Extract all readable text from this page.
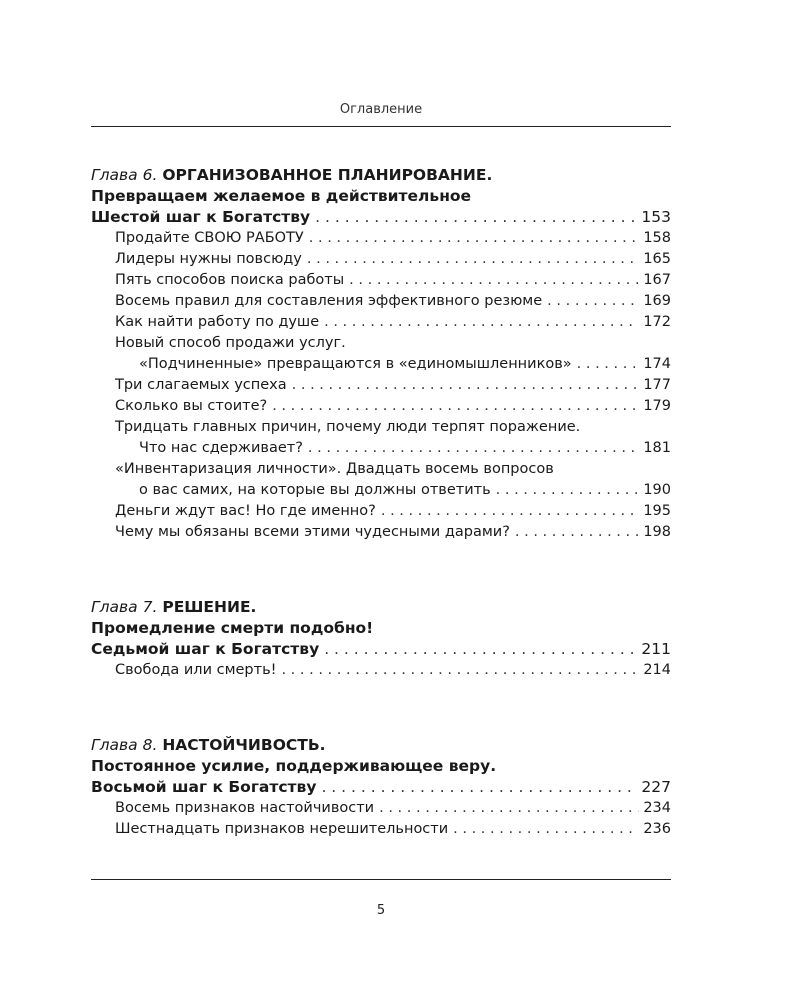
Оглавление
Глава 6. ОРГАНИЗОВАННОЕ ПЛАНИРОВАНИЕ.
Превращаем желаемое в действительное
Шестой шаг к Богатству . . .	153
Продайте СВОЮ РАБОТУ . . .	158
Лидеры нужны повсюду . . .	165
Пять способов поиска работы . . .	167
Восемь правил для составления эффективного резюме . . .	169
Как найти работу по душе . . .	172
Новый способ продажи услуг.
«Подчиненные» превращаются в «единомышленников» . . .	174
Три слагаемых успеха . . .	177
Сколько вы стоите? . . .	179
Тридцать главных причин, почему люди терпят поражение.
Что нас сдерживает? . . .	181
«Инвентаризация личности». Двадцать восемь вопросов
о вас самих, на которые вы должны ответить . . .	190
Деньги ждут вас! Но где именно? . . .	195
Чему мы обязаны всеми этими чудесными дарами? . . .	198
Глава 7. РЕШЕНИЕ.
Промедление смерти подобно!
Седьмой шаг к Богатству . . .	211
Свобода или смерть! . . .	214
Глава 8. НАСТОЙЧИВОСТЬ.
Постоянное усилие, поддерживающее веру.
Восьмой шаг к Богатству . . .	227
Восемь признаков настойчивости . . .	234
Шестнадцать признаков нерешительности . . .	236
5
